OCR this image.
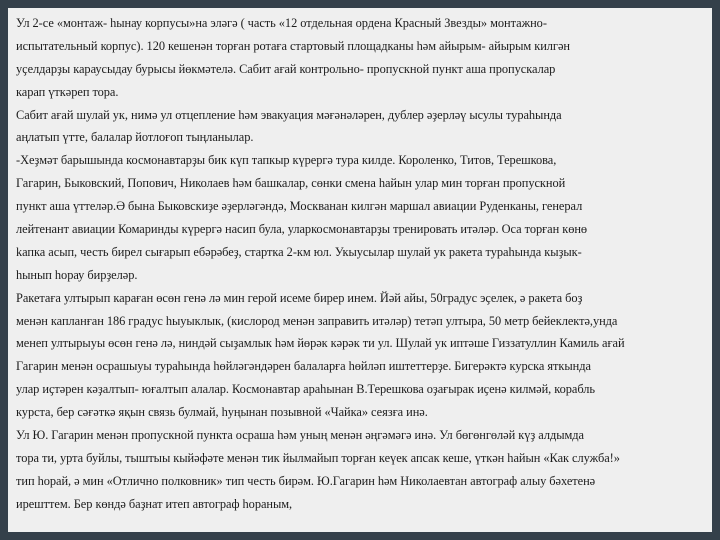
Ул 2-се «монтаж- һынау корпусы»на эләгә ( часть «12 отдельная ордена Красный Звезды» монтажно-
испытательный корпус). 120 кешенән торған ротаға стартовый площадканы һәм айырым- айырым килгән
уҫелдарҙы караусыдау бурысы йөкмәтелә. Сабит ағай контрольно- пропускной пункт аша пропускалар
карап үткәреп тора.
Сабит ағай шулай ук, нимә ул отцепление һәм эвакуация мәғәнәләрен, дублер әҙерләү ысулы тураһында
аңлатып үтте, балалар йотлоғоп тыңланылар.
-Хеҙмәт барышында космонавтарҙы бик күп тапкыр күрергә тура килде. Короленко, Титов, Терешкова,
Гагарин, Быковский, Попович, Николаев һәм башкалар, сөнки смена һайын улар мин торған пропускной
пункт аша үттеләр.Ә бына Быковскиҙе әҙерләгәндә, Москванан килгән маршал авиации Руденканы, генерал
лейтенант авиации Комаринды күрергә насип була, уларкосмонавтарҙы тренировать итәләр. Оса торған көнө
kапка асып, честь бирел сығарып ебәрәбеҙ, стартка 2-км юл. Укыусылар шулай ук ракета тураһында кыҙык-
һынып һорау бирҙеләр.
Ракетаға ултырып караған өсөн генә лә мин герой исеме бирер инем. Йәй айы, 50градус эҫелек, ә ракета боҙ
менән капланған 186 градус һыуыклык, (кислород менән заправить итәләр) тетәп ултыра, 50 метр бейеклектә,унда
менеп ултырыуы өсөн генә лә, ниндәй сыҙамлык һәм йөрәк кәрәк ти ул. Шулай ук иптәше Гиззатуллин Камиль ағай
Гагарин менән осрашыуы тураһында һөйләгәндәрен балаларға һөйләп иштеттерҙе. Бигерәктә курска яткында
улар иҫтәрен кәҙалтып- юғалтып алалар. Космонавтар араһынан В.Терешкова оҙағырак иҫенә килмәй, корабль
курста, бер сәғәткә яқын связь булмай, һуңынан позывной «Чайка» сеязға инә.
Ул Ю. Гагарин менән пропускной пункта осраша һәм уның менән әңгәмәгә инә. Ул бөгөнгөләй күҙ алдымда
тора ти, урта буйлы, тыштыы кыйәфәте менән тик йылмайып торған кеүек апсак кеше, үткән һайын «Как служба!»
тип һорай, ә мин «Отлично полковник» тип честь бирәм. Ю.Гагарин һәм Николаевтан автограф алыу бәхетенә
ирешттем. Бер көндә баҙнат итеп автограф һораным,
